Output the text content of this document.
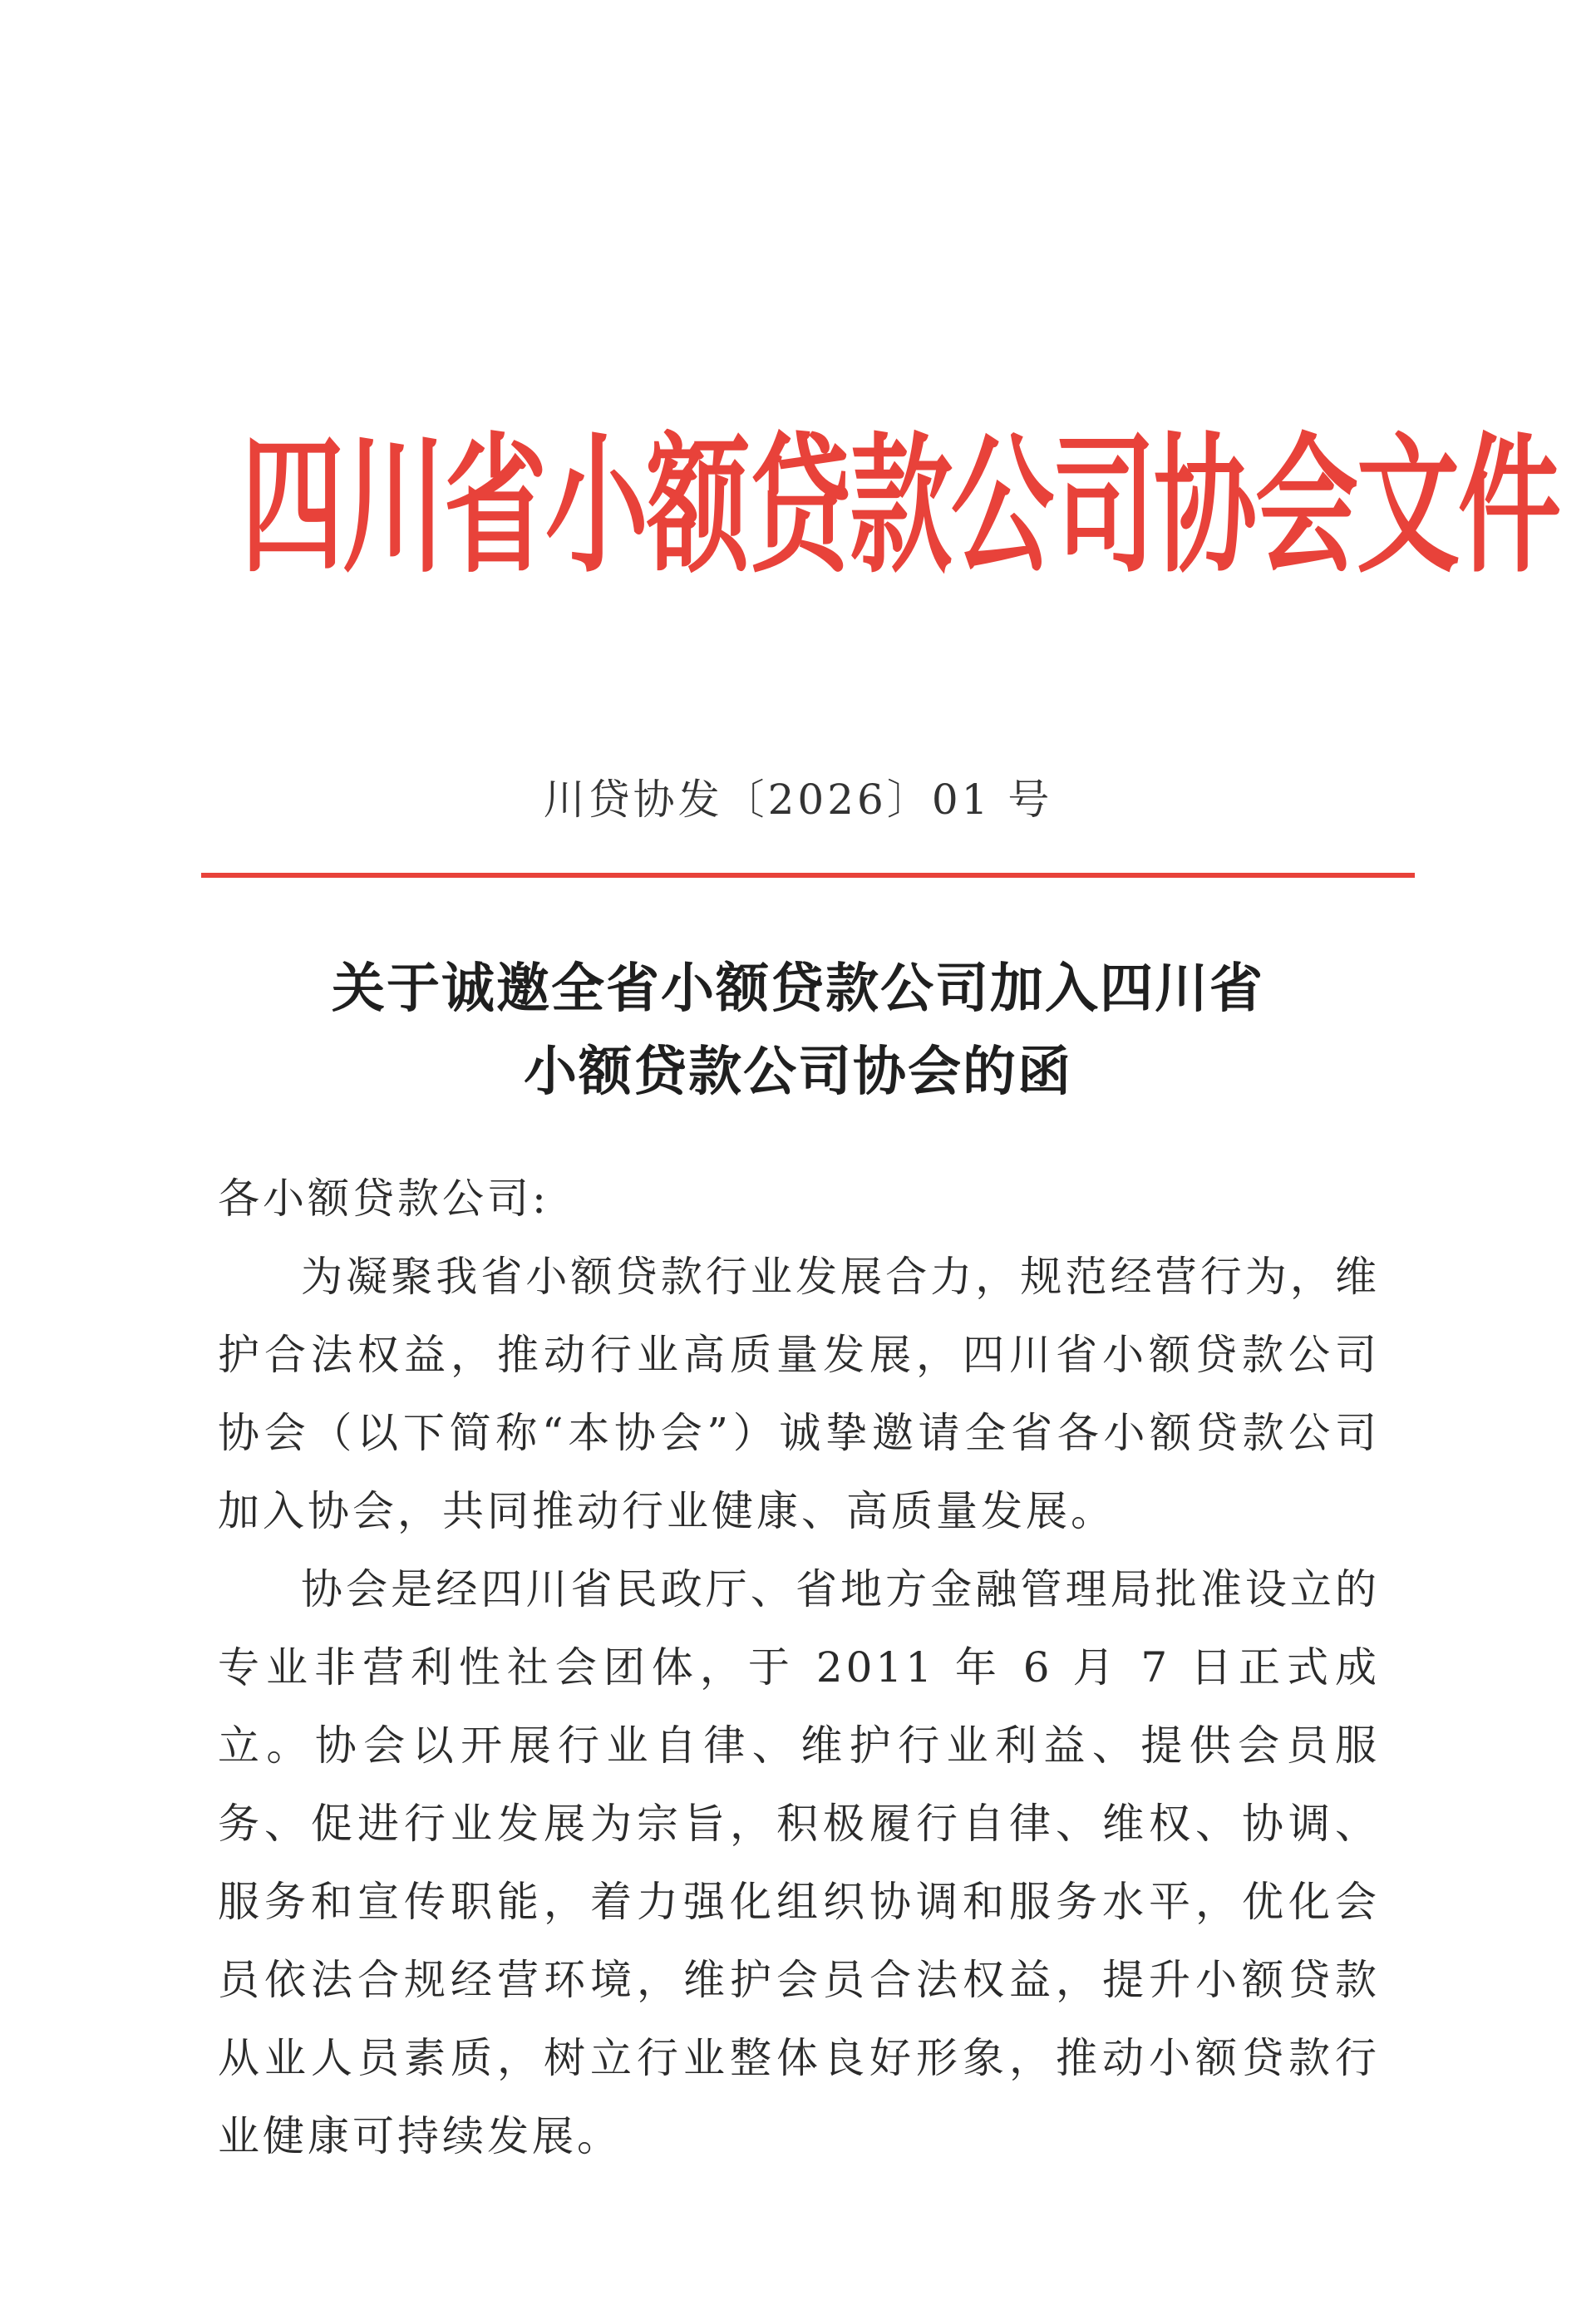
四川省小额贷款公司协会文件
川贷协发〔2026〕01 号
关于诚邀全省小额贷款公司加入四川省
小额贷款公司协会的函
各小额贷款公司:

为凝聚我省小额贷款行业发展合力，规范经营行为，维护合法权益，推动行业高质量发展，四川省小额贷款公司协会（以下简称“本协会”）诚挚邀请全省各小额贷款公司加入协会，共同推动行业健康、高质量发展。

协会是经四川省民政厅、省地方金融管理局批准设立的专业非营利性社会团体，于 2011 年 6 月 7 日正式成立。协会以开展行业自律、维护行业利益、提供会员服务、促进行业发展为宗旨，积极履行自律、维权、协调、服务和宣传职能，着力强化组织协调和服务水平，优化会员依法合规经营环境，维护会员合法权益，提升小额贷款从业人员素质，树立行业整体良好形象，推动小额贷款行业健康可持续发展。
